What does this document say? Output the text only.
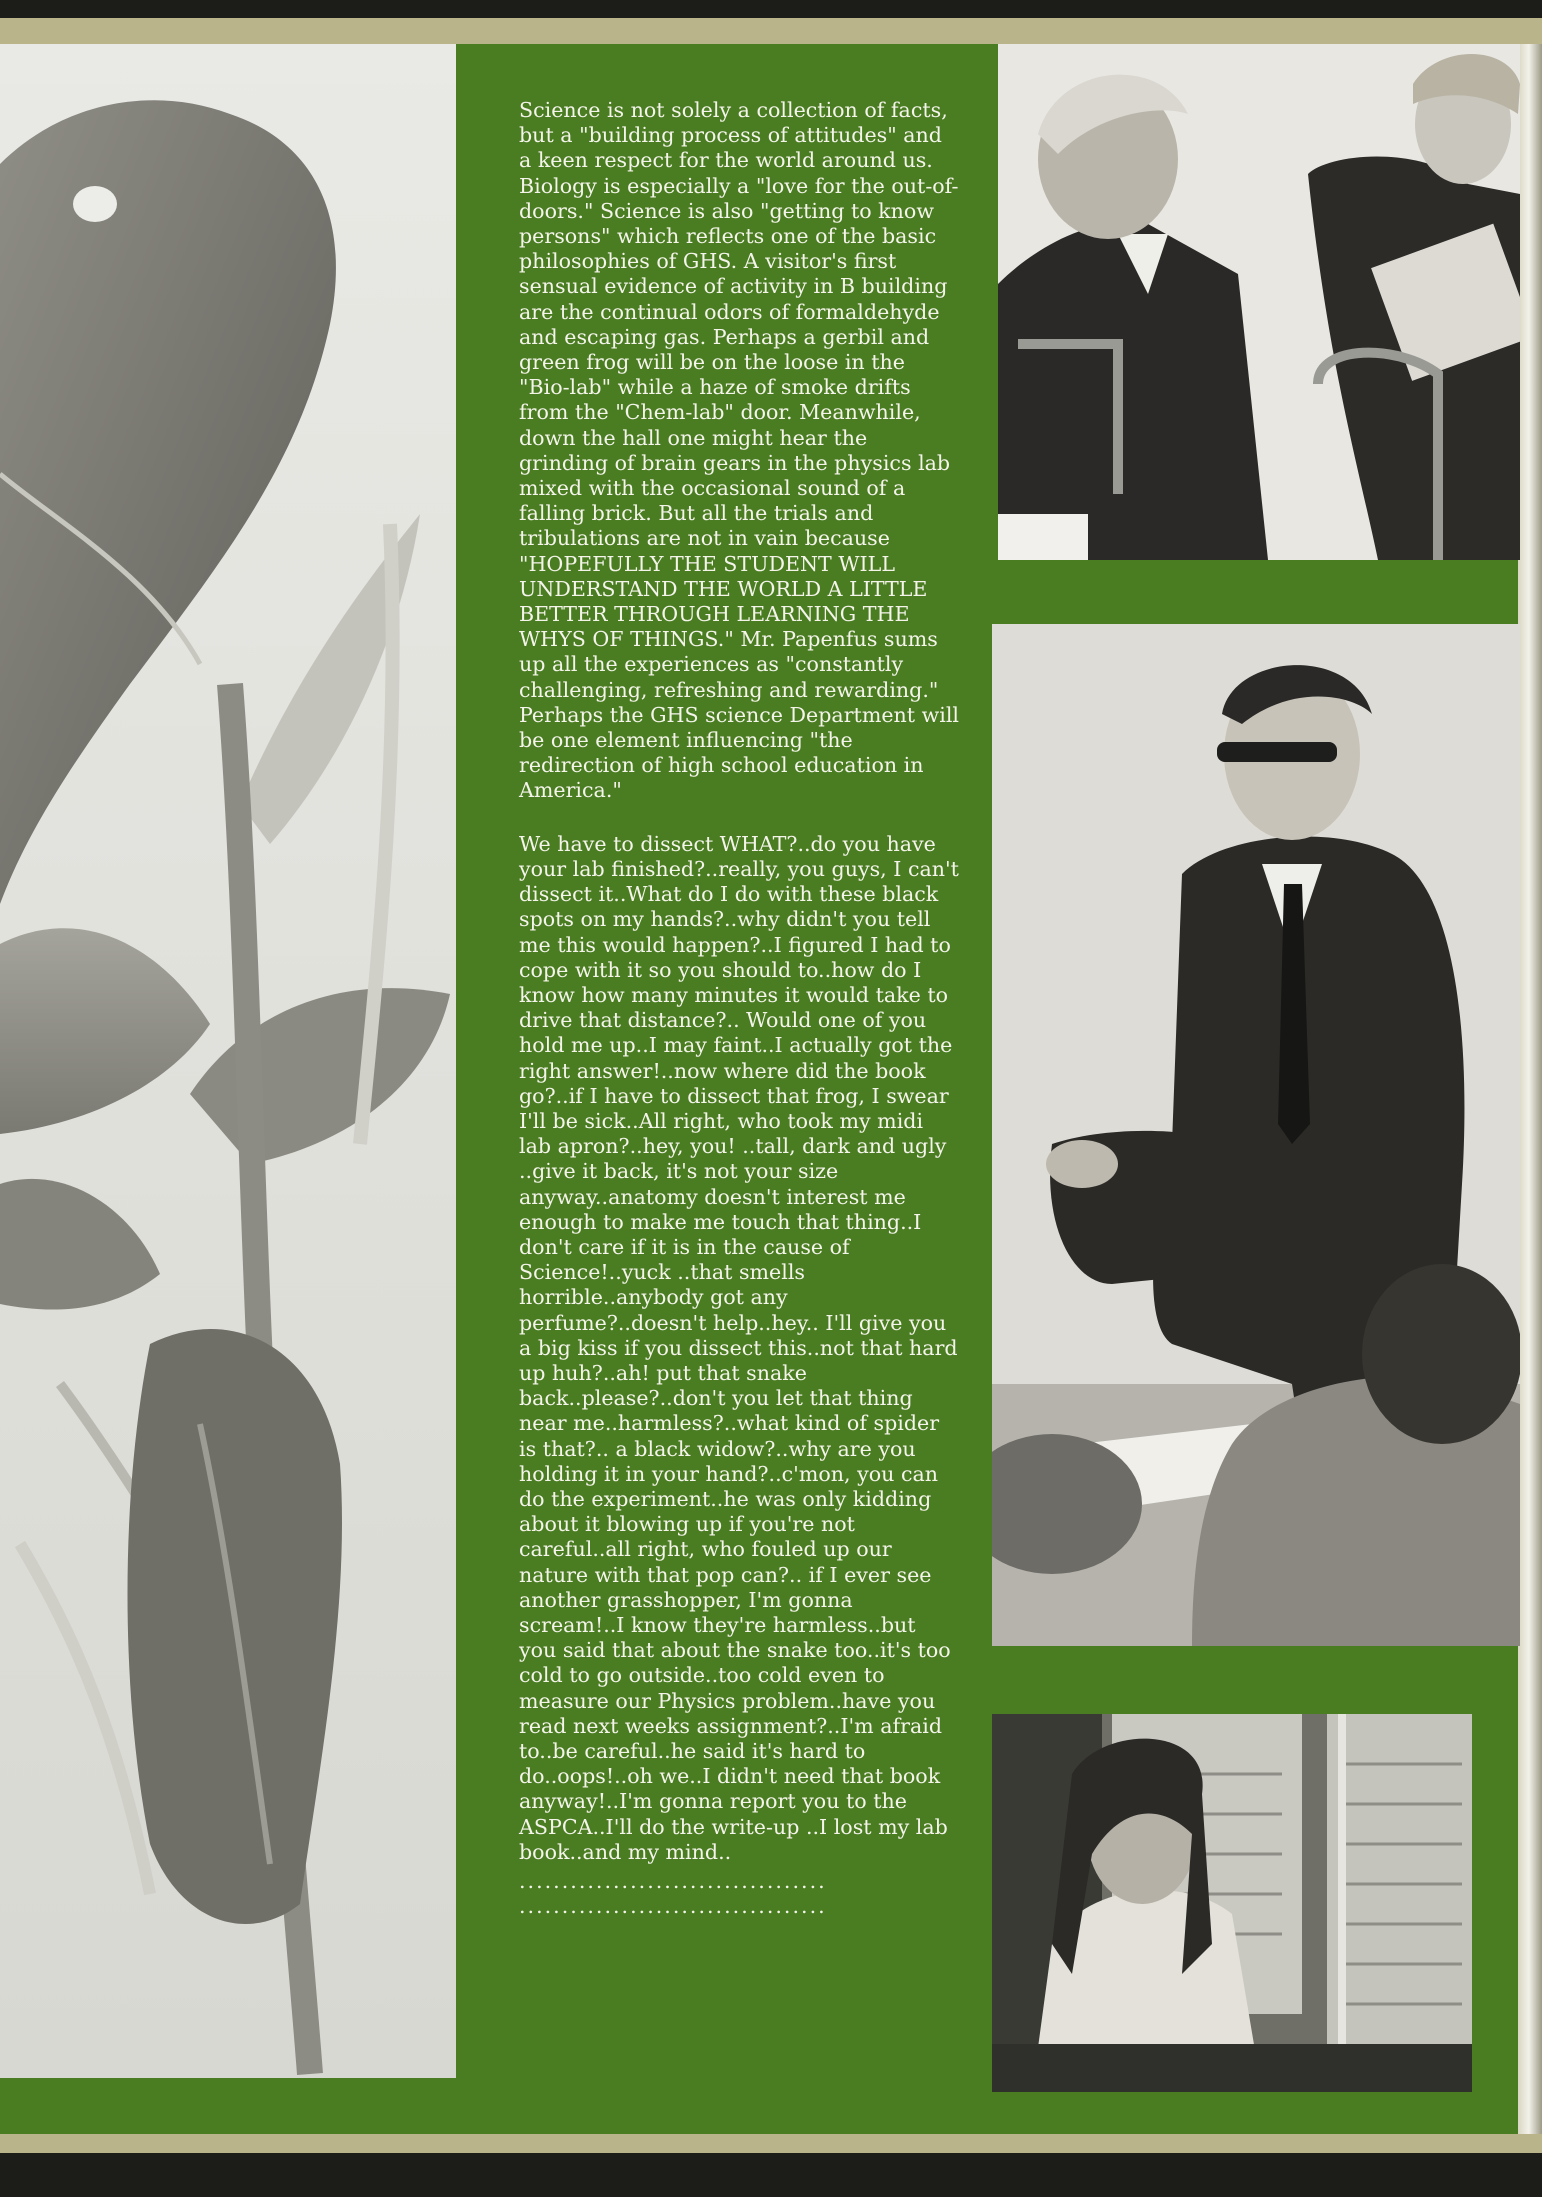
Science is not solely a collection of facts, but a "building process of attitudes" and a keen respect for the world around us. Biology is especially a "love for the out-of-doors." Science is also "getting to know persons" which reflects one of the basic philosophies of GHS. A visitor's first sensual evidence of activity in B building are the continual odors of formaldehyde and escaping gas. Perhaps a gerbil and green frog will be on the loose in the "Bio-lab" while a haze of smoke drifts from the "Chem-lab" door. Meanwhile, down the hall one might hear the grinding of brain gears in the physics lab mixed with the occasional sound of a falling brick. But all the trials and tribulations are not in vain because "HOPEFULLY THE STUDENT WILL UNDERSTAND THE WORLD A LITTLE BETTER THROUGH LEARNING THE WHYS OF THINGS." Mr. Papenfus sums up all the experiences as "constantly challenging, refreshing and rewarding." Perhaps the GHS science Department will be one element influencing "the redirection of high school education in America."

We have to dissect WHAT?..do you have your lab finished?..really, you guys, I can't dissect it..What do I do with these black spots on my hands?..why didn't you tell me this would happen?..I figured I had to cope with it so you should to..how do I know how many minutes it would take to drive that distance?.. Would one of you hold me up..I may faint..I actually got the right answer!..now where did the book go?..if I have to dissect that frog, I swear I'll be sick..All right, who took my midi lab apron?..hey, you! ..tall, dark and ugly ..give it back, it's not your size anyway..anatomy doesn't interest me enough to make me touch that thing..I don't care if it is in the cause of Science!..yuck ..that smells horrible..anybody got any perfume?..doesn't help..hey.. I'll give you a big kiss if you dissect this..not that hard up huh?..ah! put that snake back..please?..don't you let that thing near me..harmless?..what kind of spider is that?.. a black widow?..why are you holding it in your hand?..c'mon, you can do the experiment..he was only kidding about it blowing up if you're not careful..all right, who fouled up our nature with that pop can?.. if I ever see another grasshopper, I'm gonna scream!..I know they're harmless..but you said that about the snake too..it's too cold to go outside..too cold even to measure our Physics problem..have you read next weeks assignment?..I'm afraid to..be careful..he said it's hard to do..oops!..oh we..I didn't need that book anyway!..I'm gonna report you to the ASPCA..I'll do the write-up ..I lost my lab book..and my mind..

....................................
....................................
